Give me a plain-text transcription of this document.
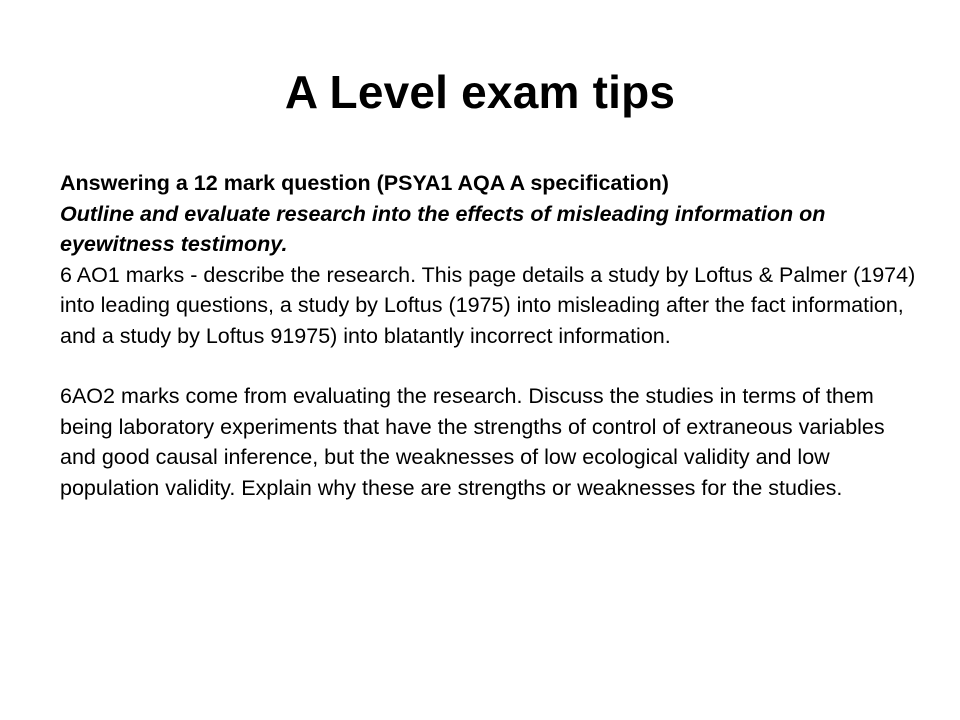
A Level exam tips

Answering a 12 mark question (PSYA1 AQA A specification)

Outline and evaluate research into the effects of misleading information on eyewitness testimony.

6 AO1 marks - describe the research. This page details a study by Loftus & Palmer (1974) into leading questions, a study by Loftus (1975) into misleading after the fact information, and a study by Loftus 91975) into blatantly incorrect information.

6AO2 marks come from evaluating the research. Discuss the studies in terms of them being laboratory experiments that have the strengths of control of extraneous variables and good causal inference, but the weaknesses of low ecological validity and low population validity. Explain why these are strengths or weaknesses for the studies.
